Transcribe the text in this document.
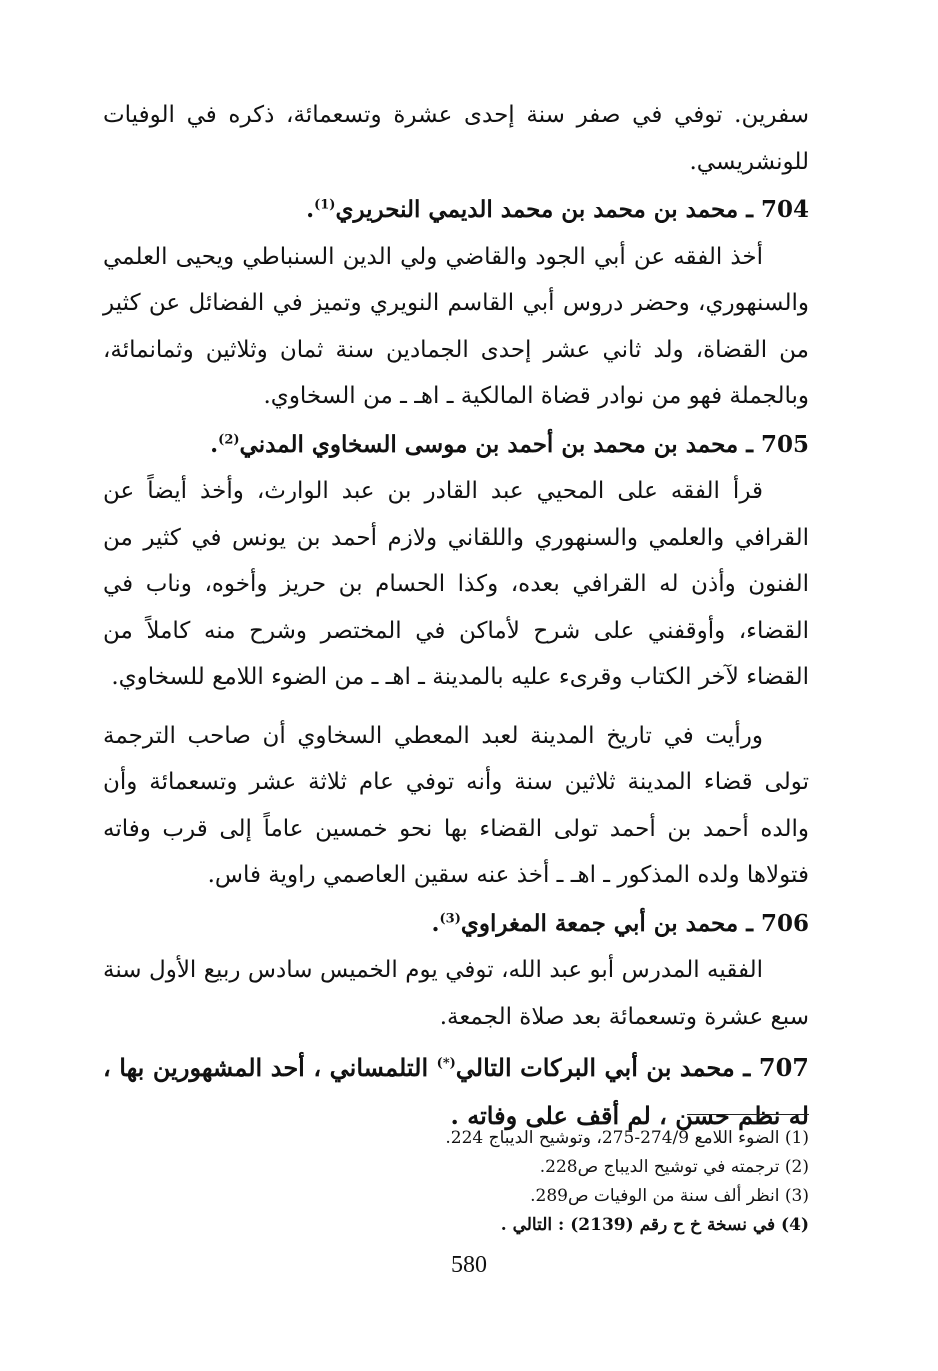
سفرين. توفي في صفر سنة إحدى عشرة وتسعمائة، ذكره في الوفيات للونشريسي.

704 ـ محمد بن محمد بن محمد الديمي النحريري$^{(1)}$.

أخذ الفقه عن أبي الجود والقاضي ولي الدين السنباطي ويحيى العلمي والسنهوري، وحضر دروس أبي القاسم النويري وتميز في الفضائل عن كثير من القضاة، ولد ثاني عشر إحدى الجمادين سنة ثمان وثلاثين وثمانمائة، وبالجملة فهو من نوادر قضاة المالكية ـ اهـ ـ من السخاوي.

705 ـ محمد بن محمد بن أحمد بن موسى السخاوي المدني$^{(2)}$.

قرأ الفقه على المحيي عبد القادر بن عبد الوارث، وأخذ أيضاً عن القرافي والعلمي والسنهوري واللقاني ولازم أحمد بن يونس في كثير من الفنون وأذن له القرافي بعده، وكذا الحسام بن حريز وأخوه، وناب في القضاء، وأوقفني على شرح لأماكن في المختصر وشرح منه كاملاً من القضاء لآخر الكتاب وقرىء عليه بالمدينة ـ اهـ ـ من الضوء اللامع للسخاوي.

ورأيت في تاريخ المدينة لعبد المعطي السخاوي أن صاحب الترجمة تولى قضاء المدينة ثلاثين سنة وأنه توفي عام ثلاثة عشر وتسعمائة وأن والده أحمد بن أحمد تولى القضاء بها نحو خمسين عاماً إلى قرب وفاته فتولاها ولده المذكور ـ اهـ ـ أخذ عنه سقين العاصمي راوية فاس.

706 ـ محمد بن أبي جمعة المغراوي$^{(3)}$.

الفقيه المدرس أبو عبد الله، توفي يوم الخميس سادس ربيع الأول سنة سبع عشرة وتسعمائة بعد صلاة الجمعة.

707 ـ محمد بن أبي البركات التالي(*) التلمساني ، أحد المشهورين بها ، له نظم حسن ، لم أقف على وفاته .

(1) الضوء اللامع 274/9-275، وتوشيح الديباج 224.

(2) ترجمته في توشيح الديباج ص228.

(3) انظر ألف سنة من الوفيات ص289.

(4) في نسخة خ ح رقم (2139) : التالي .

580
